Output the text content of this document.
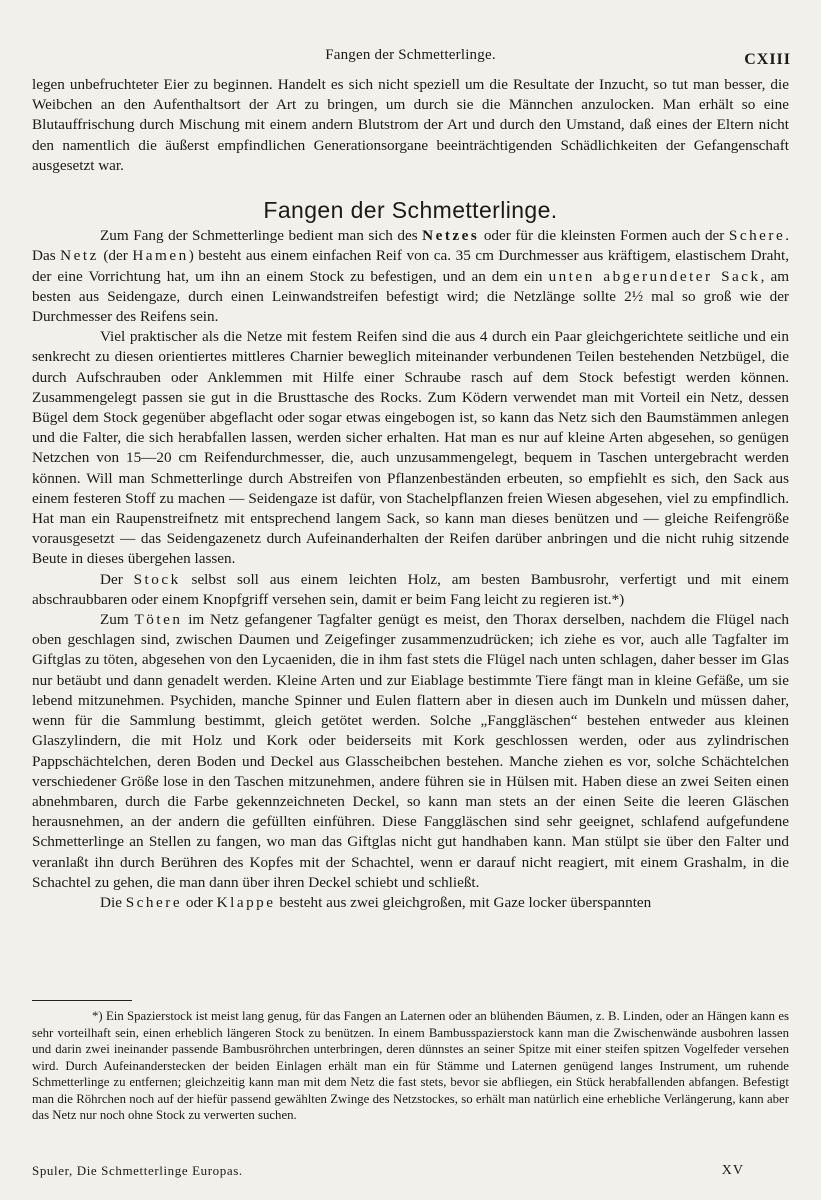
Fangen der Schmetterlinge.	CXIII

legen unbefruchteter Eier zu beginnen. Handelt es sich nicht speziell um die Resultate der Inzucht, so tut man besser, die Weibchen an den Aufenthaltsort der Art zu bringen, um durch sie die Männchen anzulocken. Man erhält so eine Blutauffrischung durch Mischung mit einem andern Blutstrom der Art und durch den Umstand, daß eines der Eltern nicht den namentlich die äußerst empfindlichen Generationsorgane beeinträchtigenden Schädlichkeiten der Gefangenschaft ausgesetzt war.

Fangen der Schmetterlinge.

Zum Fang der Schmetterlinge bedient man sich des Netzes oder für die kleinsten Formen auch der Schere. Das Netz (der Hamen) besteht aus einem einfachen Reif von ca. 35 cm Durchmesser aus kräftigem, elastischem Draht, der eine Vorrichtung hat, um ihn an einem Stock zu befestigen, und an dem ein unten abgerundeter Sack, am besten aus Seidengaze, durch einen Leinwandstreifen befestigt wird; die Netzlänge sollte 2½ mal so groß wie der Durchmesser des Reifens sein.

Viel praktischer als die Netze mit festem Reifen sind die aus 4 durch ein Paar gleichgerichtete seitliche und ein senkrecht zu diesen orientiertes mittleres Charnier beweglich miteinander verbundenen Teilen bestehenden Netzbügel, die durch Aufschrauben oder Anklemmen mit Hilfe einer Schraube rasch auf dem Stock befestigt werden können. Zusammengelegt passen sie gut in die Brusttasche des Rocks. Zum Ködern verwendet man mit Vorteil ein Netz, dessen Bügel dem Stock gegenüber abgeflacht oder sogar etwas eingebogen ist, so kann das Netz sich den Baumstämmen anlegen und die Falter, die sich herabfallen lassen, werden sicher erhalten. Hat man es nur auf kleine Arten abgesehen, so genügen Netzchen von 15—20 cm Reifendurchmesser, die, auch unzusammengelegt, bequem in Taschen untergebracht werden können. Will man Schmetterlinge durch Abstreifen von Pflanzenbeständen erbeuten, so empfiehlt es sich, den Sack aus einem festeren Stoff zu machen — Seidengaze ist dafür, von Stachelpflanzen freien Wiesen abgesehen, viel zu empfindlich. Hat man ein Raupenstreifnetz mit entsprechend langem Sack, so kann man dieses benützen und — gleiche Reifengröße vorausgesetzt — das Seidengazenetz durch Aufeinanderhalten der Reifen darüber anbringen und die nicht ruhig sitzende Beute in dieses übergehen lassen.

Der Stock selbst soll aus einem leichten Holz, am besten Bambusrohr, verfertigt und mit einem abschraubbaren oder einem Knopfgriff versehen sein, damit er beim Fang leicht zu regieren ist.*)

Zum Töten im Netz gefangener Tagfalter genügt es meist, den Thorax derselben, nachdem die Flügel nach oben geschlagen sind, zwischen Daumen und Zeigefinger zusammenzudrücken; ich ziehe es vor, auch alle Tagfalter im Giftglas zu töten, abgesehen von den Lycaeniden, die in ihm fast stets die Flügel nach unten schlagen, daher besser im Glas nur betäubt und dann genadelt werden. Kleine Arten und zur Eiablage bestimmte Tiere fängt man in kleine Gefäße, um sie lebend mitzunehmen. Psychiden, manche Spinner und Eulen flattern aber in diesen auch im Dunkeln und müssen daher, wenn für die Sammlung bestimmt, gleich getötet werden. Solche „Fanggläschen“ bestehen entweder aus kleinen Glaszylindern, die mit Holz und Kork oder beiderseits mit Kork geschlossen werden, oder aus zylindrischen Pappschächtelchen, deren Boden und Deckel aus Glasscheibchen bestehen. Manche ziehen es vor, solche Schächtelchen verschiedener Größe lose in den Taschen mitzunehmen, andere führen sie in Hülsen mit. Haben diese an zwei Seiten einen abnehmbaren, durch die Farbe gekennzeichneten Deckel, so kann man stets an der einen Seite die leeren Gläschen herausnehmen, an der andern die gefüllten einführen. Diese Fanggläschen sind sehr geeignet, schlafend aufgefundene Schmetterlinge an Stellen zu fangen, wo man das Giftglas nicht gut handhaben kann. Man stülpt sie über den Falter und veranlaßt ihn durch Berühren des Kopfes mit der Schachtel, wenn er darauf nicht reagiert, mit einem Grashalm, in die Schachtel zu gehen, die man dann über ihren Deckel schiebt und schließt.

Die Schere oder Klappe besteht aus zwei gleichgroßen, mit Gaze locker überspannten

*) Ein Spazierstock ist meist lang genug, für das Fangen an Laternen oder an blühenden Bäumen, z. B. Linden, oder an Hängen kann es sehr vorteilhaft sein, einen erheblich längeren Stock zu benützen. In einem Bambusspazierstock kann man die Zwischenwände ausbohren lassen und darin zwei ineinander passende Bambusröhrchen unterbringen, deren dünnstes an seiner Spitze mit einer steifen spitzen Vogelfeder versehen wird. Durch Aufeinanderstecken der beiden Einlagen erhält man ein für Stämme und Laternen genügend langes Instrument, um ruhende Schmetterlinge zu entfernen; gleichzeitig kann man mit dem Netz die fast stets, bevor sie abfliegen, ein Stück herabfallenden abfangen. Befestigt man die Röhrchen noch auf der hiefür passend gewählten Zwinge des Netzstockes, so erhält man natürlich eine erhebliche Verlängerung, kann aber das Netz nur noch ohne Stock zu verwerten suchen.

Spuler, Die Schmetterlinge Europas.	XV
